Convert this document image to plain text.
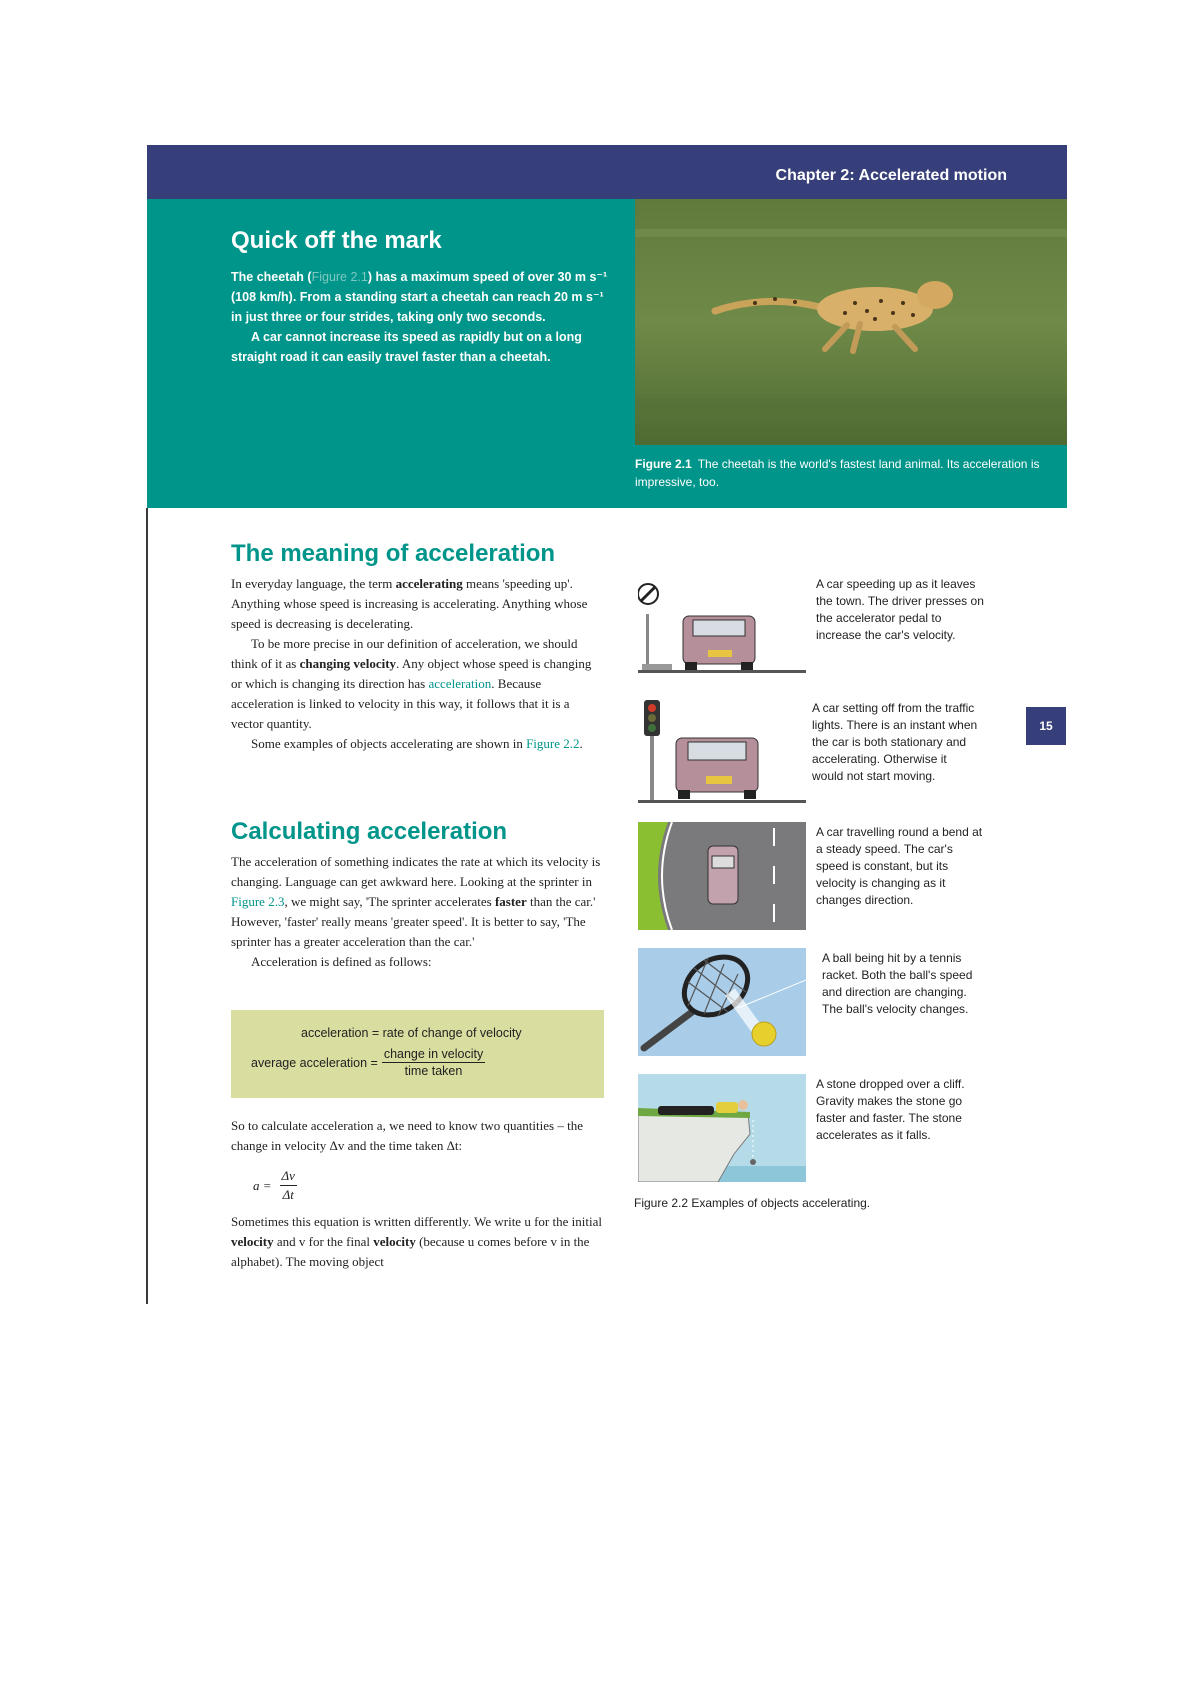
Chapter 2: Accelerated motion
Quick off the mark

The cheetah (Figure 2.1) has a maximum speed of over 30 m s⁻¹ (108 km/h). From a standing start a cheetah can reach 20 m s⁻¹ in just three or four strides, taking only two seconds.

A car cannot increase its speed as rapidly but on a long straight road it can easily travel faster than a cheetah.

Figure 2.1 The cheetah is the world's fastest land animal. Its acceleration is impressive, too.
The meaning of acceleration

In everyday language, the term accelerating means 'speeding up'. Anything whose speed is increasing is accelerating. Anything whose speed is decreasing is decelerating.

To be more precise in our definition of acceleration, we should think of it as changing velocity. Any object whose speed is changing or which is changing its direction has acceleration. Because acceleration is linked to velocity in this way, it follows that it is a vector quantity.

Some examples of objects accelerating are shown in Figure 2.2.

Calculating acceleration

The acceleration of something indicates the rate at which its velocity is changing. Language can get awkward here. Looking at the sprinter in Figure 2.3, we might say, 'The sprinter accelerates faster than the car.' However, 'faster' really means 'greater speed'. It is better to say, 'The sprinter has a greater acceleration than the car.'

Acceleration is defined as follows:

acceleration = rate of change of velocity
average acceleration = $\frac{\text{change in velocity}}{\text{time taken}}$

So to calculate acceleration a, we need to know two quantities – the change in velocity Δv and the time taken Δt:

$a = \frac{\Delta v}{\Delta t}$

Sometimes this equation is written differently. We write u for the initial velocity and v for the final velocity (because u comes before v in the alphabet). The moving object

A car speeding up as it leaves the town. The driver presses on the accelerator pedal to increase the car's velocity.
A car setting off from the traffic lights. There is an instant when the car is both stationary and accelerating. Otherwise it would not start moving.
A car travelling round a bend at a steady speed. The car's speed is constant, but its velocity is changing as it changes direction.
A ball being hit by a tennis racket. Both the ball's speed and direction are changing. The ball's velocity changes.
A stone dropped over a cliff. Gravity makes the stone go faster and faster. The stone accelerates as it falls.
Figure 2.2 Examples of objects accelerating.
15
